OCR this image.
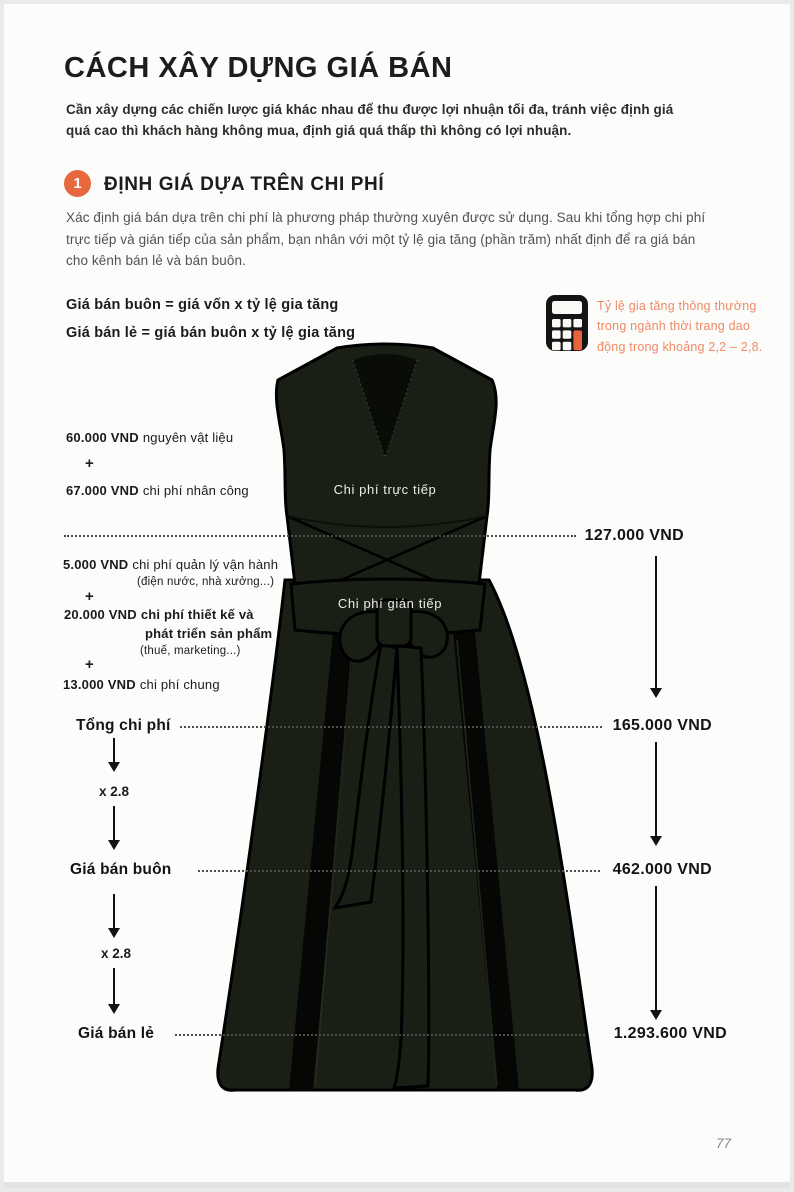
CÁCH XÂY DỰNG GIÁ BÁN
Cần xây dựng các chiến lược giá khác nhau để thu được lợi nhuận tối đa, tránh việc định giá quá cao thì khách hàng không mua, định giá quá thấp thì không có lợi nhuận.
1	ĐỊNH GIÁ DỰA TRÊN CHI PHÍ
Xác định giá bán dựa trên chi phí là phương pháp thường xuyên được sử dụng. Sau khi tổng hợp chi phí trực tiếp và gián tiếp của sản phẩm, bạn nhân với một tỷ lệ gia tăng (phần trăm) nhất định để ra giá bán cho kênh bán lẻ và bán buôn.
Giá bán buôn = giá vốn x tỷ lệ gia tăng
Giá bán lẻ = giá bán buôn x tỷ lệ gia tăng
Tỷ lệ gia tăng thông thường trong ngành thời trang dao động trong khoảng 2,2 – 2,8.
Chi phí trực tiếp
Chi phí gián tiếp
60.000 VND nguyên vật liệu
+
67.000 VND chi phí nhân công
127.000 VND
5.000 VND chi phí quản lý vận hành
(điện nước, nhà xưởng...)
+
20.000 VND chi phí thiết kế và
phát triển sản phẩm
(thuế, marketing...)
+
13.000 VND chi phí chung
Tổng chi phí	165.000 VND
x 2.8
Giá bán buôn	462.000 VND
x 2.8
Giá bán lẻ	1.293.600 VND
77
